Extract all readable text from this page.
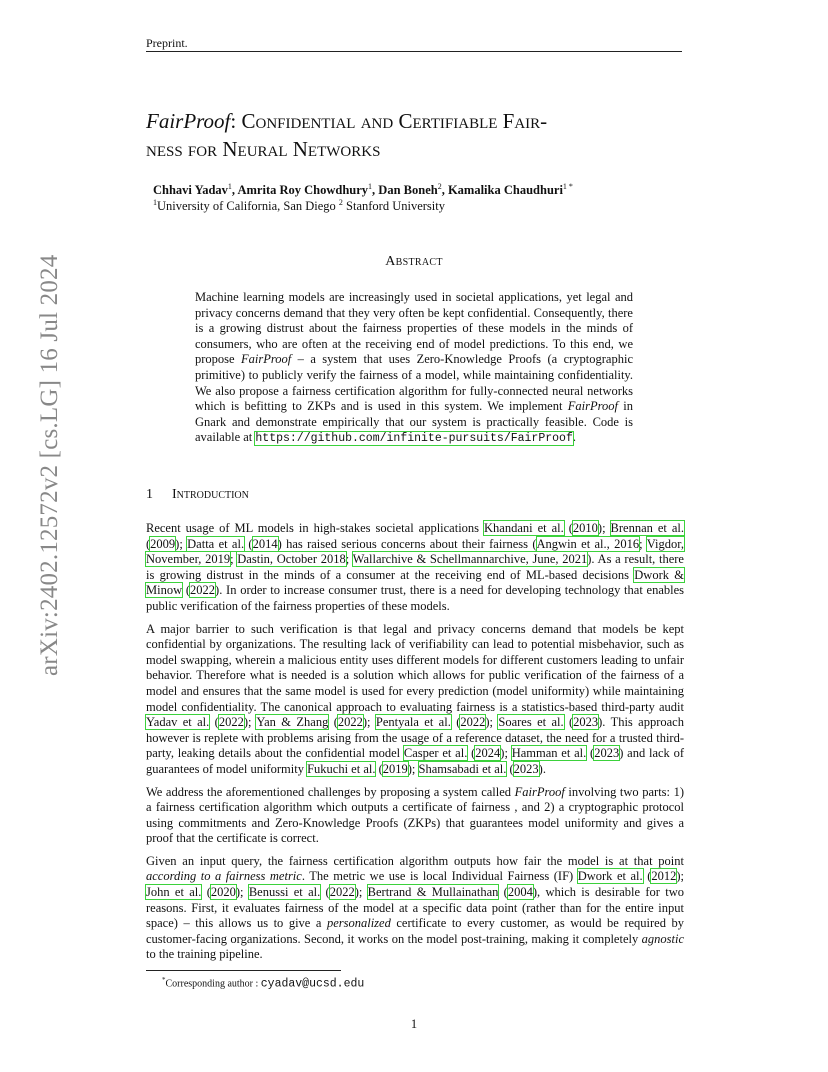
Preprint.
arXiv:2402.12572v2 [cs.LG] 16 Jul 2024
FairProof: Confidential and Certifiable Fair-
ness for Neural Networks
Chhavi Yadav$^1$, Amrita Roy Chowdhury$^1$, Dan Boneh$^2$, Kamalika Chaudhuri$^{1 *}$
$^1$University of California, San Diego $^2$ Stanford University
Abstract
Machine learning models are increasingly used in societal applications, yet legal and privacy concerns demand that they very often be kept confidential. Consequently, there is a growing distrust about the fairness properties of these models in the minds of consumers, who are often at the receiving end of model predictions. To this end, we propose FairProof – a system that uses Zero-Knowledge Proofs (a cryptographic primitive) to publicly verify the fairness of a model, while maintaining confidentiality. We also propose a fairness certification algorithm for fully-connected neural networks which is befitting to ZKPs and is used in this system. We implement FairProof in Gnark and demonstrate empirically that our system is practically feasible. Code is available at https://github.com/infinite-pursuits/FairProof.
1 Introduction

Recent usage of ML models in high-stakes societal applications Khandani et al. (2010); Brennan et al. (2009); Datta et al. (2014) has raised serious concerns about their fairness (Angwin et al., 2016; Vigdor, November, 2019; Dastin, October 2018; Wallarchive & Schellmannarchive, June, 2021). As a result, there is growing distrust in the minds of a consumer at the receiving end of ML-based decisions Dwork & Minow (2022). In order to increase consumer trust, there is a need for developing technology that enables public verification of the fairness properties of these models.

A major barrier to such verification is that legal and privacy concerns demand that models be kept confidential by organizations. The resulting lack of verifiability can lead to potential misbehavior, such as model swapping, wherein a malicious entity uses different models for different customers leading to unfair behavior. Therefore what is needed is a solution which allows for public verification of the fairness of a model and ensures that the same model is used for every prediction (model uniformity) while maintaining model confidentiality. The canonical approach to evaluating fairness is a statistics-based third-party audit Yadav et al. (2022); Yan & Zhang (2022); Pentyala et al. (2022); Soares et al. (2023). This approach however is replete with problems arising from the usage of a reference dataset, the need for a trusted third-party, leaking details about the confidential model Casper et al. (2024); Hamman et al. (2023) and lack of guarantees of model uniformity Fukuchi et al. (2019); Shamsabadi et al. (2023).

We address the aforementioned challenges by proposing a system called FairProof involving two parts: 1) a fairness certification algorithm which outputs a certificate of fairness , and 2) a cryptographic protocol using commitments and Zero-Knowledge Proofs (ZKPs) that guarantees model uniformity and gives a proof that the certificate is correct.

Given an input query, the fairness certification algorithm outputs how fair the model is at that point according to a fairness metric. The metric we use is local Individual Fairness (IF) Dwork et al. (2012); John et al. (2020); Benussi et al. (2022); Bertrand & Mullainathan (2004), which is desirable for two reasons. First, it evaluates fairness of the model at a specific data point (rather than for the entire input space) – this allows us to give a personalized certificate to every customer, as would be required by customer-facing organizations. Second, it works on the model post-training, making it completely agnostic to the training pipeline.

*Corresponding author : cyadav@ucsd.edu
1
